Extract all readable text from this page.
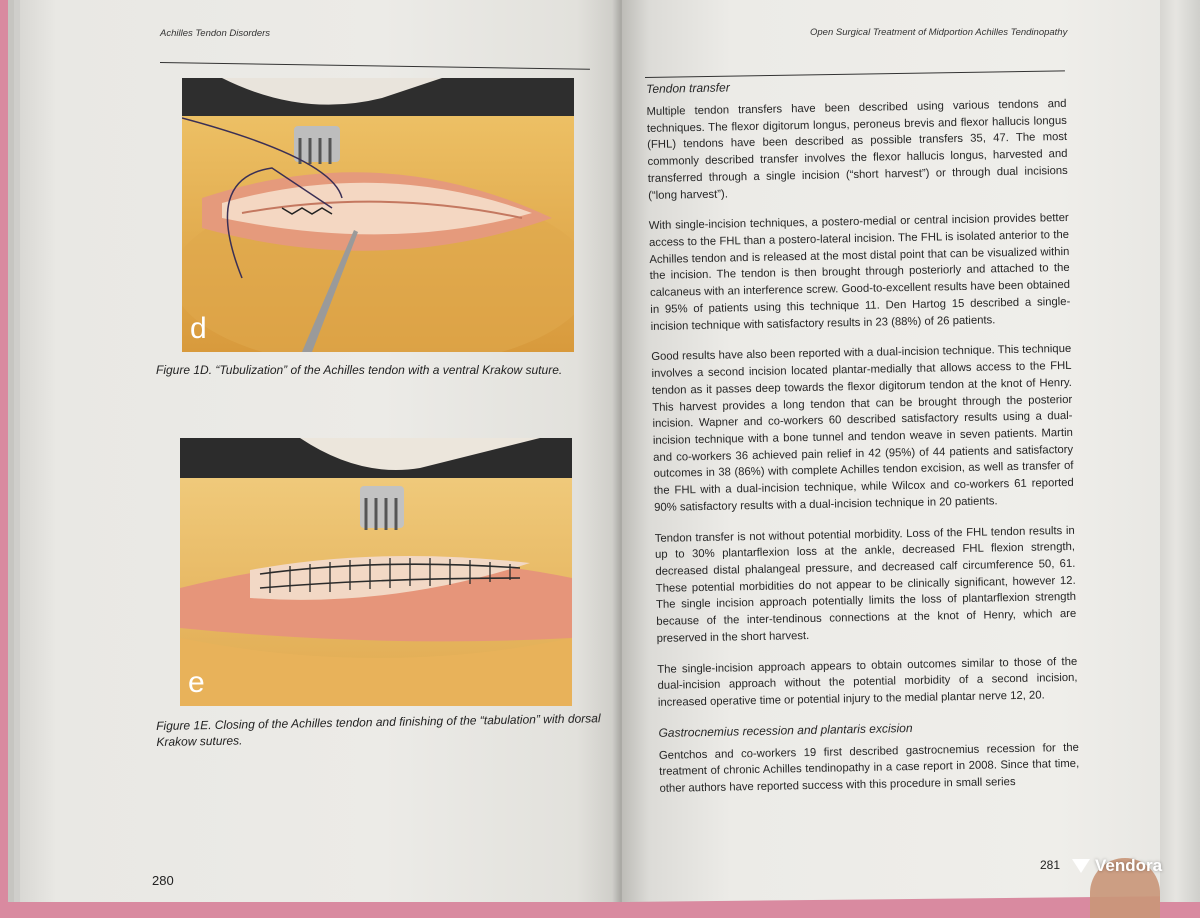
Achilles Tendon Disorders
d
Figure 1D. “Tubulization” of the Achilles tendon with a ventral Krakow suture.
e
Figure 1E. Closing of the Achilles tendon and finishing of the “tabulation” with dorsal Krakow sutures.
280
Open Surgical Treatment of Midportion Achilles Tendinopathy

Tendon transfer

Multiple tendon transfers have been described using various tendons and techniques. The flexor digitorum longus, peroneus brevis and flexor hallucis longus (FHL) tendons have been described as possible transfers 35, 47. The most commonly described transfer involves the flexor hallucis longus, harvested and transferred through a single incision (“short harvest”) or through dual incisions (“long harvest”).

With single-incision techniques, a postero-medial or central incision provides better access to the FHL than a postero-lateral incision. The FHL is isolated anterior to the Achilles tendon and is released at the most distal point that can be visualized within the incision. The tendon is then brought through posteriorly and attached to the calcaneus with an interference screw. Good-to-excellent results have been obtained in 95% of patients using this technique 11. Den Hartog 15 described a single-incision technique with satisfactory results in 23 (88%) of 26 patients.

Good results have also been reported with a dual-incision technique. This technique involves a second incision located plantar-medially that allows access to the FHL tendon as it passes deep towards the flexor digitorum tendon at the knot of Henry. This harvest provides a long tendon that can be brought through the posterior incision. Wapner and co-workers 60 described satisfactory results using a dual-incision technique with a bone tunnel and tendon weave in seven patients. Martin and co-workers 36 achieved pain relief in 42 (95%) of 44 patients and satisfactory outcomes in 38 (86%) with complete Achilles tendon excision, as well as transfer of the FHL with a dual-incision technique, while Wilcox and co-workers 61 reported 90% satisfactory results with a dual-incision technique in 20 patients.

Tendon transfer is not without potential morbidity. Loss of the FHL tendon results in up to 30% plantarflexion loss at the ankle, decreased FHL flexion strength, decreased distal phalangeal pressure, and decreased calf circumference 50, 61. These potential morbidities do not appear to be clinically significant, however 12. The single incision approach potentially limits the loss of plantarflexion strength because of the inter-tendinous connections at the knot of Henry, which are preserved in the short harvest.

The single-incision approach appears to obtain outcomes similar to those of the dual-incision approach without the potential morbidity of a second incision, increased operative time or potential injury to the medial plantar nerve 12, 20.

Gastrocnemius recession and plantaris excision

Gentchos and co-workers 19 first described gastrocnemius recession for the treatment of chronic Achilles tendinopathy in a case report in 2008. Since that time, other authors have reported success with this procedure in small series

281 Vendora
